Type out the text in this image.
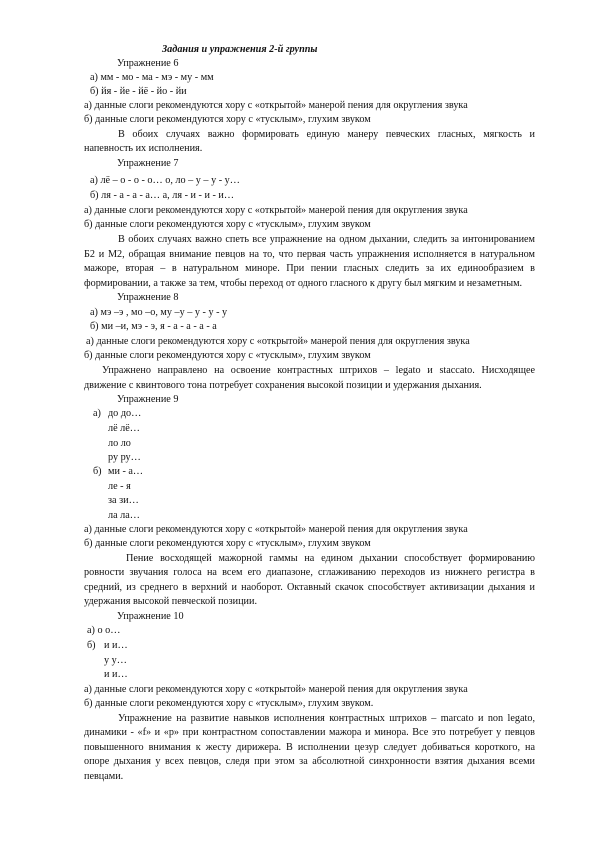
Задания и упражнения 2-й группы
Упражнение 6
а) мм - мо - ма - мэ - му - мм
б) йя - йе - йё - йо - йи
а) данные слоги рекомендуются хору с «открытой» манерой пения для округления звука
б) данные слоги рекомендуются хору с «тусклым», глухим звуком
В обоих случаях важно формировать единую манеру певческих гласных, мягкость и
напевность их исполнения.
Упражнение 7
а) лё – о - о - о… о, ло – у – у - у…
б) ля - а - а - а… а, ля - и - и - и…
а) данные слоги рекомендуются хору с «открытой» манерой пения для округления звука
б) данные слоги рекомендуются хору с «тусклым», глухим звуком
В обоих случаях важно спеть все упражнение на одном дыхании, следить за интонированием
Б2 и М2, обращая внимание певцов на то, что первая часть упражнения исполняется в натуральном
мажоре, вторая – в натуральном миноре. При пении гласных следить за их единообразием в
формировании, а также за тем, чтобы переход от одного гласного к другу был мягким и незаметным.
Упражнение 8
а) мэ –э , мо –о, му –у – у - у - у
б) ми –и, мэ - э, я - а - а - а - а
а) данные слоги рекомендуются хору с «открытой» манерой пения для округления звука
б) данные слоги рекомендуются хору с «тусклым», глухим звуком
Упражнено направлено на освоение контрастных штрихов – legato и staccato. Нисходящее
движение с квинтового тона потребует сохранения высокой позиции и удержания дыхания.
Упражнение 9
а) до до…
лё лё…
ло ло
ру ру…
б) ми - а…
ле - я
за зи…
ла ла…
а) данные слоги рекомендуются хору с «открытой» манерой пения для округления звука
б) данные слоги рекомендуются хору с «тусклым», глухим звуком
Пение восходящей мажорной гаммы на едином дыхании способствует формированию
ровности звучания голоса на всем его диапазоне, сглаживанию переходов из нижнего регистра в
средний, из среднего в верхний и наоборот. Октавный скачок способствует активизации дыхания и
удержания высокой певческой позиции.
Упражнение 10
а) о о…
б) и и…
у у…
и и…
а) данные слоги рекомендуются хору с «открытой» манерой пения для округления звука
б) данные слоги рекомендуются хору с «тусклым», глухим звуком.
Упражнение на развитие навыков исполнения контрастных штрихов – marcato и non legato,
динамики - «f» и «p» при контрастном сопоставлении мажора и минора. Все это потребует у певцов
повышенного внимания к жесту дирижера. В исполнении цезур следует добиваться короткого, на
опоре дыхания у всех певцов, следя при этом за абсолютной синхронности взятия дыхания всеми
певцами.
